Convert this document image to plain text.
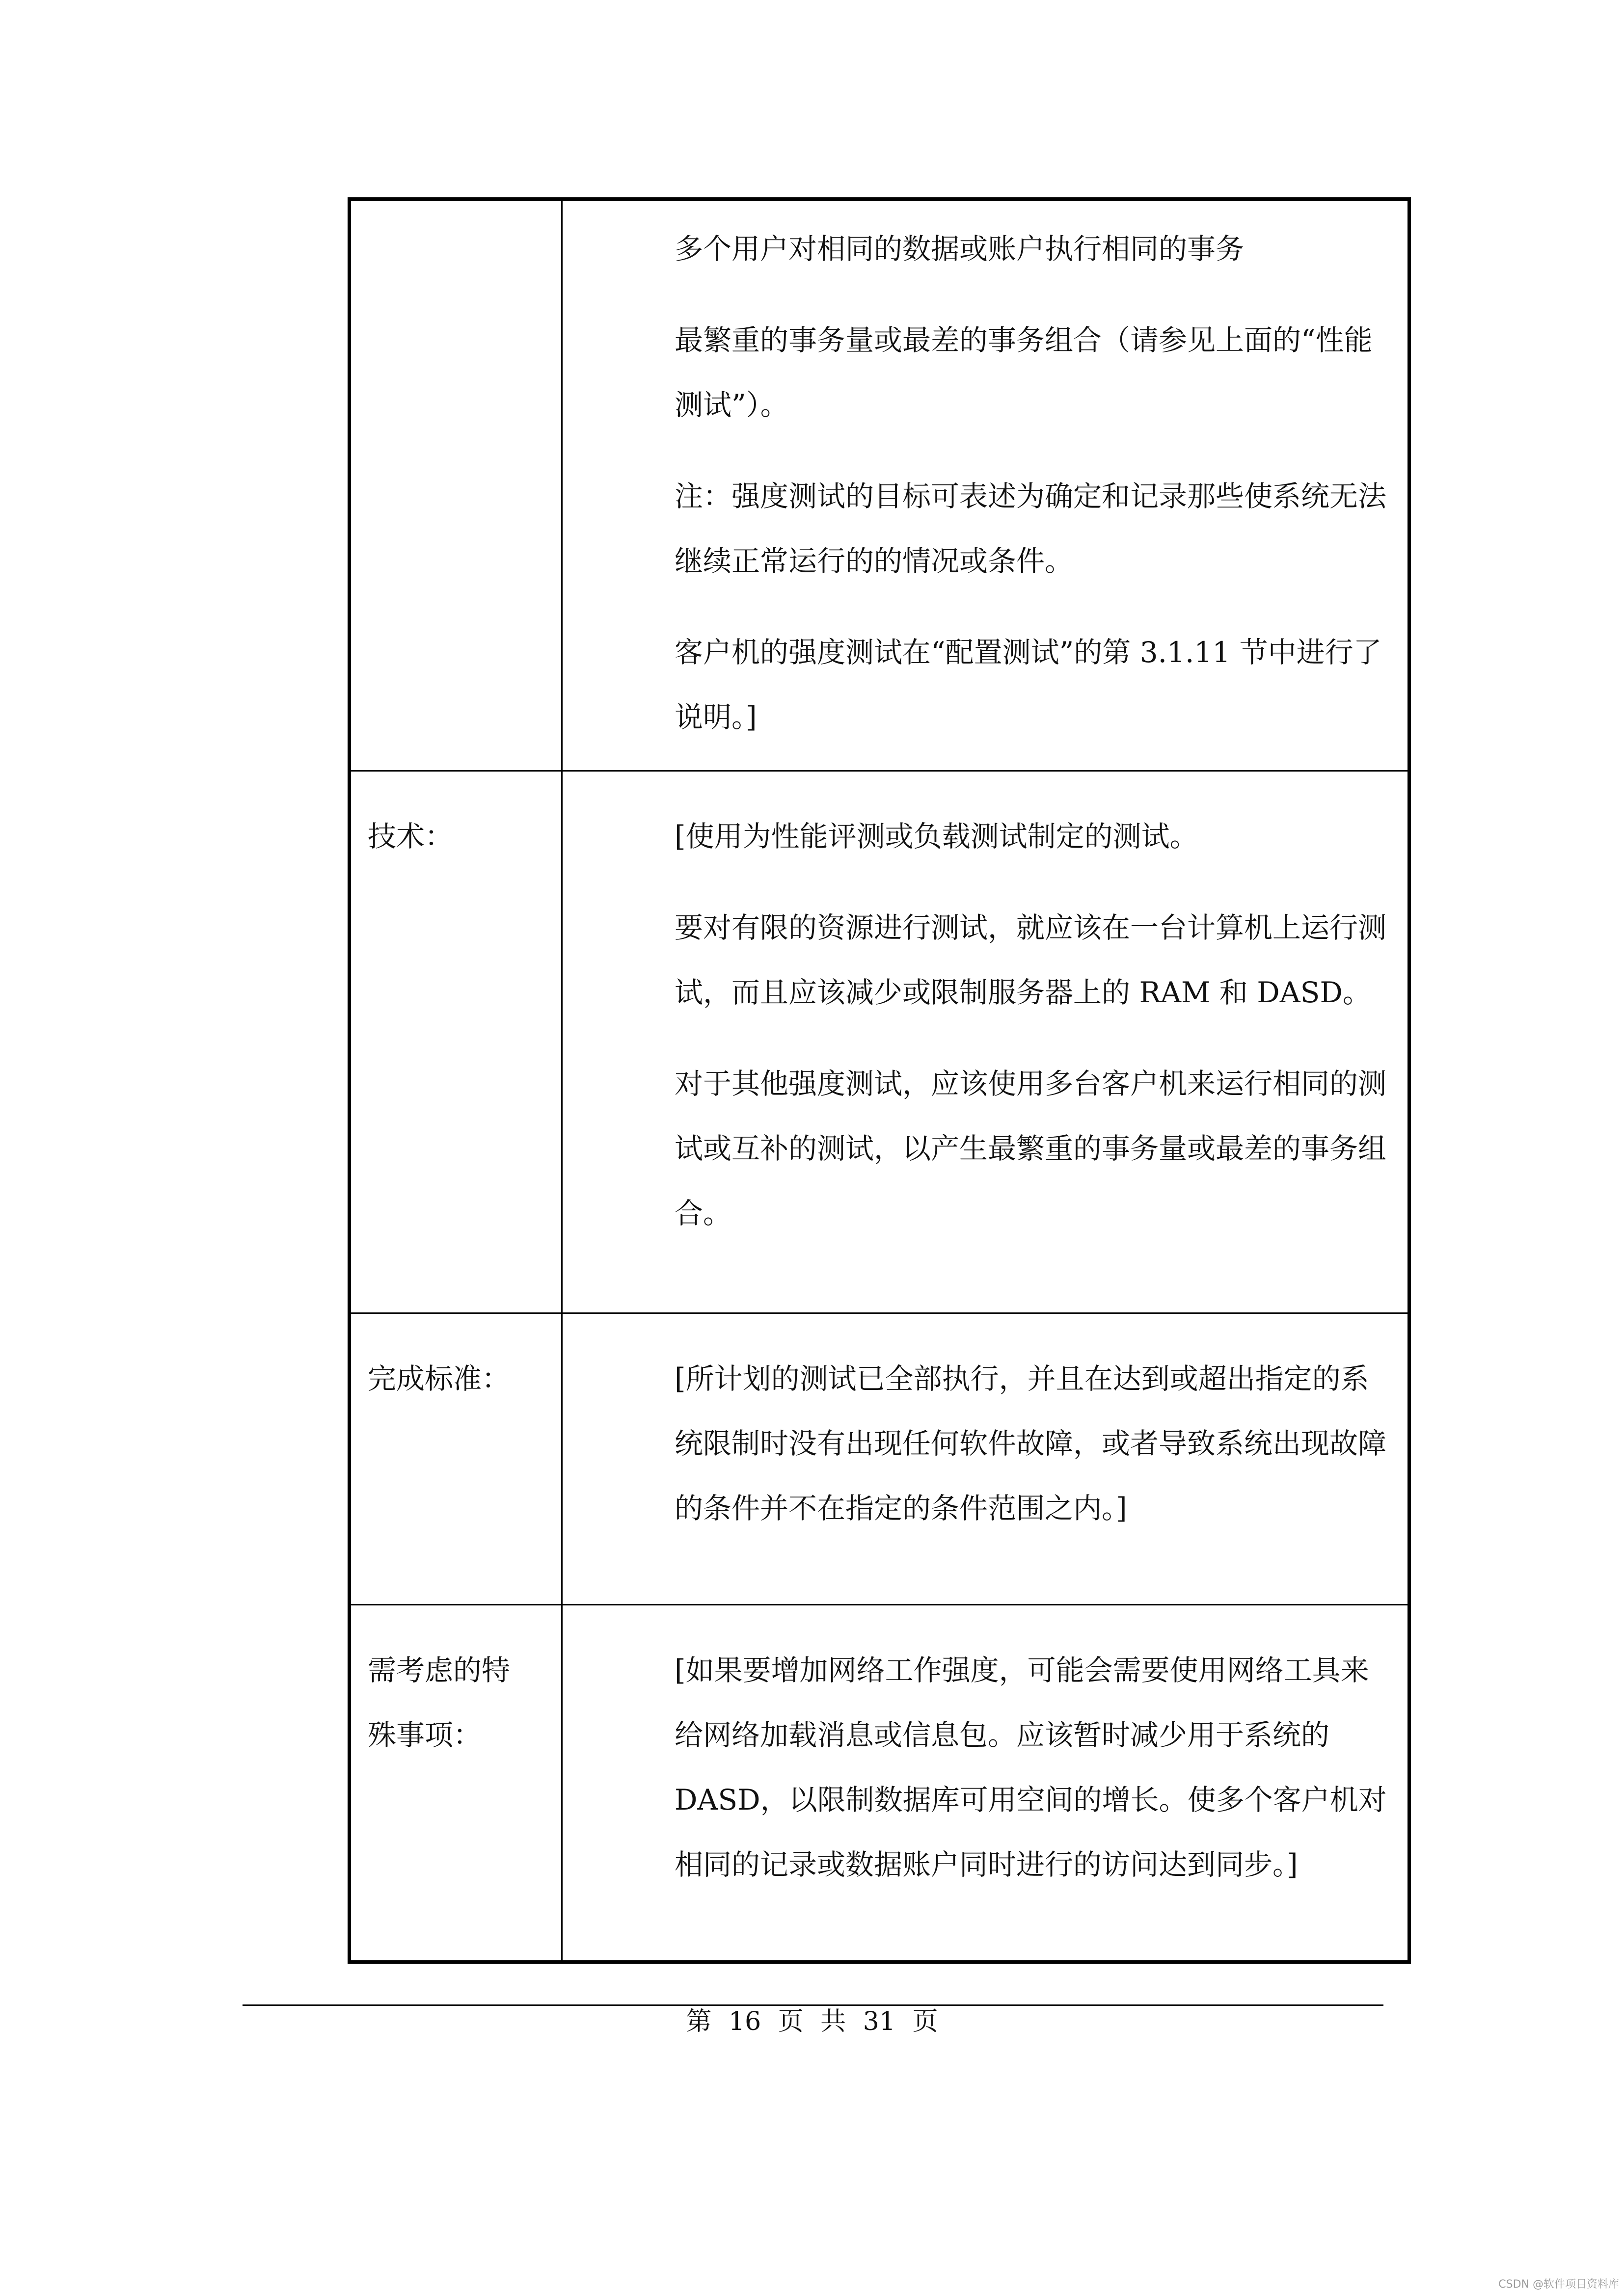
	多个用户对相同的数据或账户执行相同的事务

最繁重的事务量或最差的事务组合（请参见上面的“性能测试”）。

注：强度测试的目标可表述为确定和记录那些使系统无法继续正常运行的的情况或条件。

客户机的强度测试在“配置测试”的第 3.1.11 节中进行了说明。]

技术：	[使用为性能评测或负载测试制定的测试。

要对有限的资源进行测试，就应该在一台计算机上运行测试，而且应该减少或限制服务器上的 RAM 和 DASD。

对于其他强度测试，应该使用多台客户机来运行相同的测试或互补的测试，以产生最繁重的事务量或最差的事务组合。

完成标准：	[所计划的测试已全部执行，并且在达到或超出指定的系统限制时没有出现任何软件故障，或者导致系统出现故障的条件并不在指定的条件范围之内。]

需考虑的特
殊事项：	[如果要增加网络工作强度，可能会需要使用网络工具来给网络加载消息或信息包。应该暂时减少用于系统的 DASD，以限制数据库可用空间的增长。使多个客户机对相同的记录或数据账户同时进行的访问达到同步。]

第 16 页 共 31 页
CSDN @软件项目资料库
